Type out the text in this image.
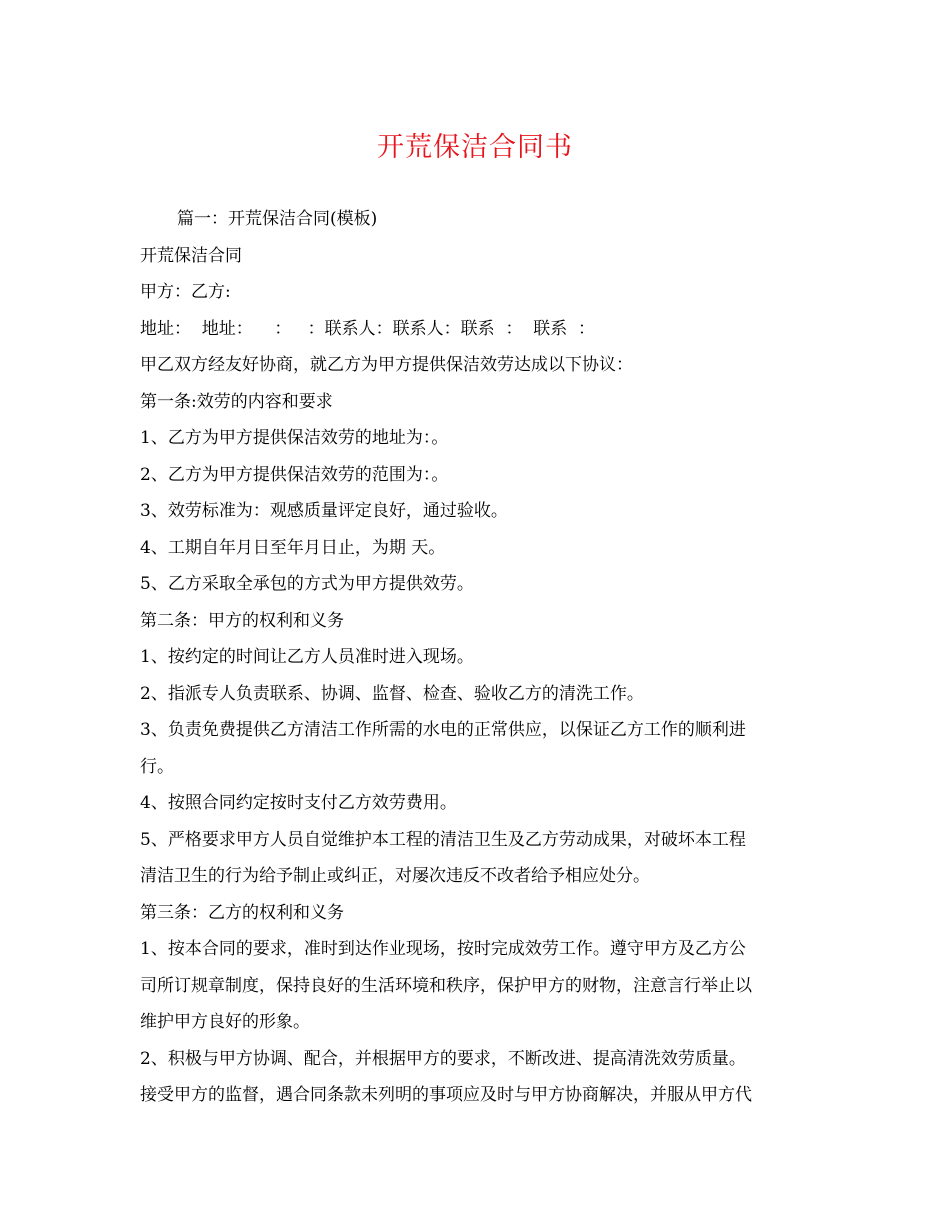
开荒保洁合同书
篇一：开荒保洁合同(模板)
开荒保洁合同
甲方：乙方:
地址：  地址：    ：   ：联系人：联系人：联系  ：  联系  ：
甲乙双方经友好协商，就乙方为甲方提供保洁效劳达成以下协议：
第一条:效劳的内容和要求
1、乙方为甲方提供保洁效劳的地址为：。
2、乙方为甲方提供保洁效劳的范围为：。
3、效劳标准为：观感质量评定良好，通过验收。
4、工期自年月日至年月日止，为期 天。
5、乙方采取全承包的方式为甲方提供效劳。
第二条：甲方的权利和义务
1、按约定的时间让乙方人员准时进入现场。
2、指派专人负责联系、协调、监督、检查、验收乙方的清洗工作。
3、负责免费提供乙方清洁工作所需的水电的正常供应，以保证乙方工作的顺利进
行。
4、按照合同约定按时支付乙方效劳费用。
5、严格要求甲方人员自觉维护本工程的清洁卫生及乙方劳动成果，对破坏本工程
清洁卫生的行为给予制止或纠正，对屡次违反不改者给予相应处分。
第三条：乙方的权利和义务
1、按本合同的要求，准时到达作业现场，按时完成效劳工作。遵守甲方及乙方公
司所订规章制度，保持良好的生活环境和秩序，保护甲方的财物，注意言行举止以
维护甲方良好的形象。
2、积极与甲方协调、配合，并根据甲方的要求，不断改进、提高清洗效劳质量。
接受甲方的监督，遇合同条款未列明的事项应及时与甲方协商解决，并服从甲方代
